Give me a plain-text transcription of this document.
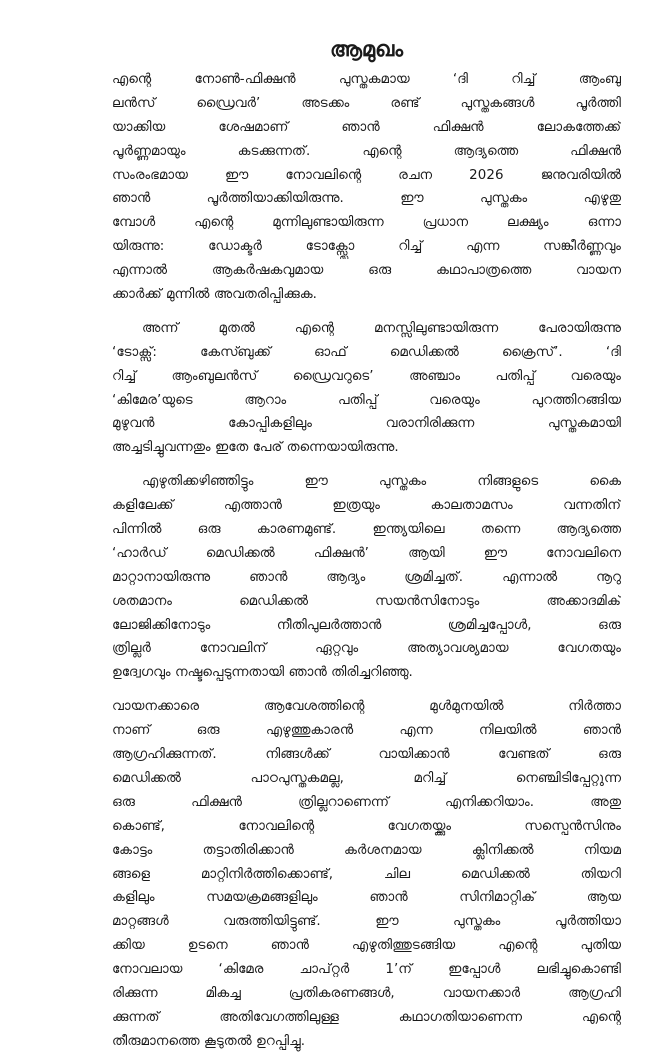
ആമുഖം
എന്റെ നോൺ-ഫിക്ഷൻ പുസ്തകമായ ‘ദി റിച്ച് ആംബു
ലൻസ് ഡ്രൈവർ’ അടക്കം രണ്ട് പുസ്തകങ്ങൾ പൂർത്തി
യാക്കിയ ശേഷമാണ് ഞാൻ ഫിക്ഷൻ ലോകത്തേക്ക്
പൂർണ്ണമായും കടക്കുന്നത്. എന്റെ ആദ്യത്തെ ഫിക്ഷൻ
സംരംഭമായ ഈ നോവലിന്റെ രചന 2026 ജനുവരിയിൽ
ഞാൻ പൂർത്തിയാക്കിയിരുന്നു. ഈ പുസ്തകം എഴുതു
മ്പോൾ എന്റെ മുന്നിലുണ്ടായിരുന്ന പ്രധാന ലക്ഷ്യം ഒന്നാ
യിരുന്നു: ഡോക്ടർ ടോക്സ്ലോ റിച്ച് എന്ന സങ്കീർണ്ണവും
എന്നാൽ ആകർഷകവുമായ ഒരു കഥാപാത്രത്തെ വായന
ക്കാർക്ക് മുന്നിൽ അവതരിപ്പിക്കുക.
അന്ന് മുതൽ എന്റെ മനസ്സിലുണ്ടായിരുന്ന പേരായിരുന്നു
‘ടോക്സ്: കേസ്ബുക്ക് ഓഫ് മെഡിക്കൽ ക്രൈസ്’. ‘ദി
റിച്ച് ആംബുലൻസ് ഡ്രൈവറുടെ’ അഞ്ചാം പതിപ്പ് വരെയും
‘കിമേര’യുടെ ആറാം പതിപ്പ് വരെയും പുറത്തിറങ്ങിയ
മുഴുവൻ കോപ്പികളിലും വരാനിരിക്കുന്ന പുസ്തകമായി
അച്ചടിച്ചുവന്നതും ഇതേ പേര് തന്നെയായിരുന്നു.
എഴുതിക്കഴിഞ്ഞിട്ടും ഈ പുസ്തകം നിങ്ങളുടെ കൈ
കളിലേക്ക് എത്താൻ ഇത്രയും കാലതാമസം വന്നതിന്
പിന്നിൽ ഒരു കാരണമുണ്ട്. ഇന്ത്യയിലെ തന്നെ ആദ്യത്തെ
‘ഹാർഡ് മെഡിക്കൽ ഫിക്ഷൻ’ ആയി ഈ നോവലിനെ
മാറ്റാനായിരുന്നു ഞാൻ ആദ്യം ശ്രമിച്ചത്. എന്നാൽ നൂറു
ശതമാനം മെഡിക്കൽ സയൻസിനോടും അക്കാദമിക്
ലോജിക്കിനോടും നീതിപുലർത്താൻ ശ്രമിച്ചപ്പോൾ, ഒരു
ത്രില്ലർ നോവലിന് ഏറ്റവും അത്യാവശ്യമായ വേഗതയും
ഉദ്വേഗവും നഷ്ടപ്പെടുന്നതായി ഞാൻ തിരിച്ചറിഞ്ഞു.
വായനക്കാരെ ആവേശത്തിന്റെ മുൾമുനയിൽ നിർത്താ
നാണ് ഒരു എഴുത്തുകാരൻ എന്ന നിലയിൽ ഞാൻ
ആഗ്രഹിക്കുന്നത്. നിങ്ങൾക്ക് വായിക്കാൻ വേണ്ടത് ഒരു
മെഡിക്കൽ പാഠപുസ്തകമല്ല, മറിച്ച് നെഞ്ചിടിപ്പേറ്റുന്ന
ഒരു ഫിക്ഷൻ ത്രില്ലറാണെന്ന് എനിക്കറിയാം. അതു
കൊണ്ട്, നോവലിന്റെ വേഗതയ്ക്കും സസ്പെൻസിനും
കോട്ടം തട്ടാതിരിക്കാൻ കർശനമായ ക്ലിനിക്കൽ നിയമ
ങ്ങളെ മാറ്റിനിർത്തിക്കൊണ്ട്, ചില മെഡിക്കൽ തിയറി
കളിലും സമയക്രമങ്ങളിലും ഞാൻ സിനിമാറ്റിക് ആയ
മാറ്റങ്ങൾ വരുത്തിയിട്ടുണ്ട്. ഈ പുസ്തകം പൂർത്തിയാ
ക്കിയ ഉടനെ ഞാൻ എഴുതിത്തുടങ്ങിയ എന്റെ പുതിയ
നോവലായ ‘കിമേര ചാപ്റ്റർ 1’ന് ഇപ്പോൾ ലഭിച്ചുകൊണ്ടി
രിക്കുന്ന മികച്ച പ്രതികരണങ്ങൾ, വായനക്കാർ ആഗ്രഹി
ക്കുന്നത് അതിവേഗത്തിലുള്ള കഥാഗതിയാണെന്ന എന്റെ
തീരുമാനത്തെ കൂടുതൽ ഉറപ്പിച്ചു.
